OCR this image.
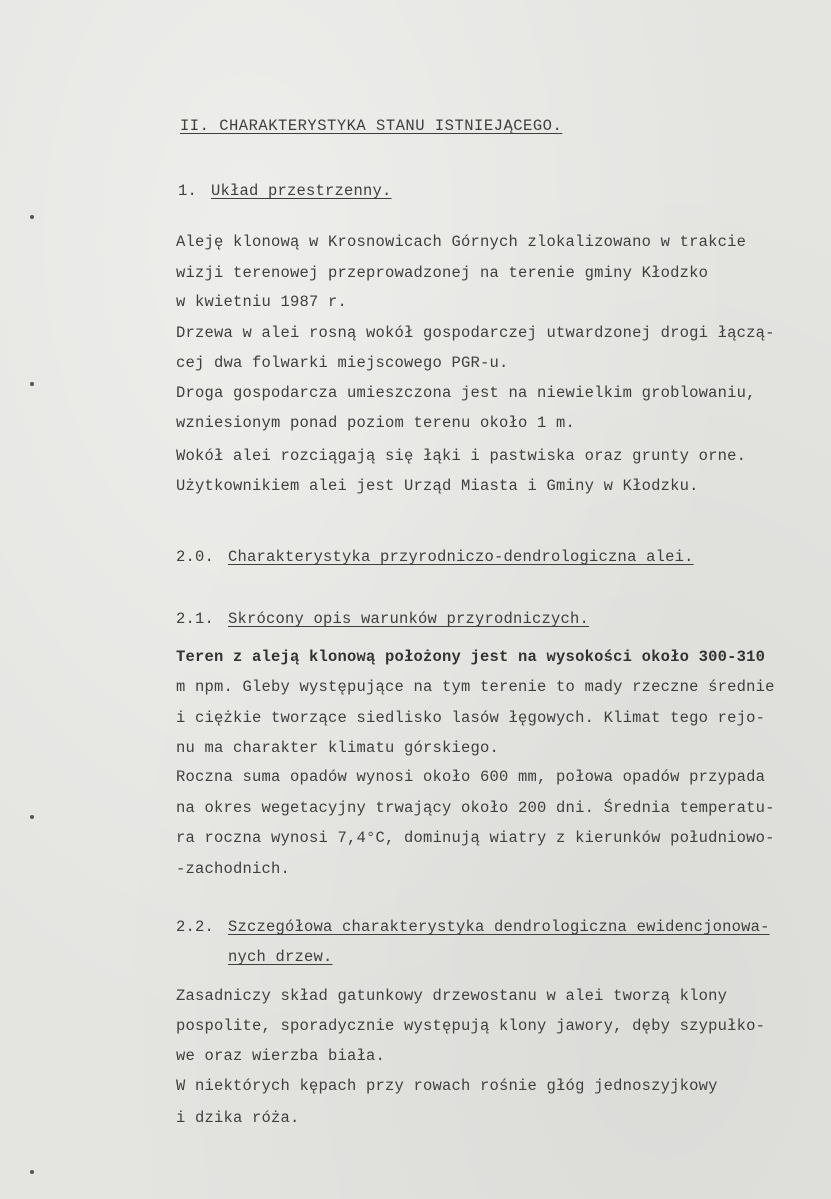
II. CHARAKTERYSTYKA STANU ISTNIEJĄCEGO.
1. Układ przestrzenny.
Aleję klonową w Krosnowicach Górnych zlokalizowano w trakcie
wizji terenowej przeprowadzonej na terenie gminy Kłodzko
w kwietniu 1987 r.
Drzewa w alei rosną wokół gospodarczej utwardzonej drogi łączą-
cej dwa folwarki miejscowego PGR-u.
Droga gospodarcza umieszczona jest na niewielkim groblowaniu,
wzniesionym ponad poziom terenu około 1 m.
Wokół alei rozciągają się łąki i pastwiska oraz grunty orne.
Użytkownikiem alei jest Urząd Miasta i Gminy w Kłodzku.
2.0. Charakterystyka przyrodniczo-dendrologiczna alei.
2.1. Skrócony opis warunków przyrodniczych.
Teren z aleją klonową położony jest na wysokości około 300-310
m npm. Gleby występujące na tym terenie to mady rzeczne średnie
i ciężkie tworzące siedlisko lasów łęgowych. Klimat tego rejo-
nu ma charakter klimatu górskiego.
Roczna suma opadów wynosi około 600 mm, połowa opadów przypada
na okres wegetacyjny trwający około 200 dni. Średnia temperatu-
ra roczna wynosi 7,4°C, dominują wiatry z kierunków południowo-
-zachodnich.
2.2. Szczegółowa charakterystyka dendrologiczna ewidencjonowa-
nych drzew.
Zasadniczy skład gatunkowy drzewostanu w alei tworzą klony
pospolite, sporadycznie występują klony jawory, dęby szypułko-
we oraz wierzba biała.
W niektórych kępach przy rowach rośnie głóg jednoszyjkowy
i dzika róża.
